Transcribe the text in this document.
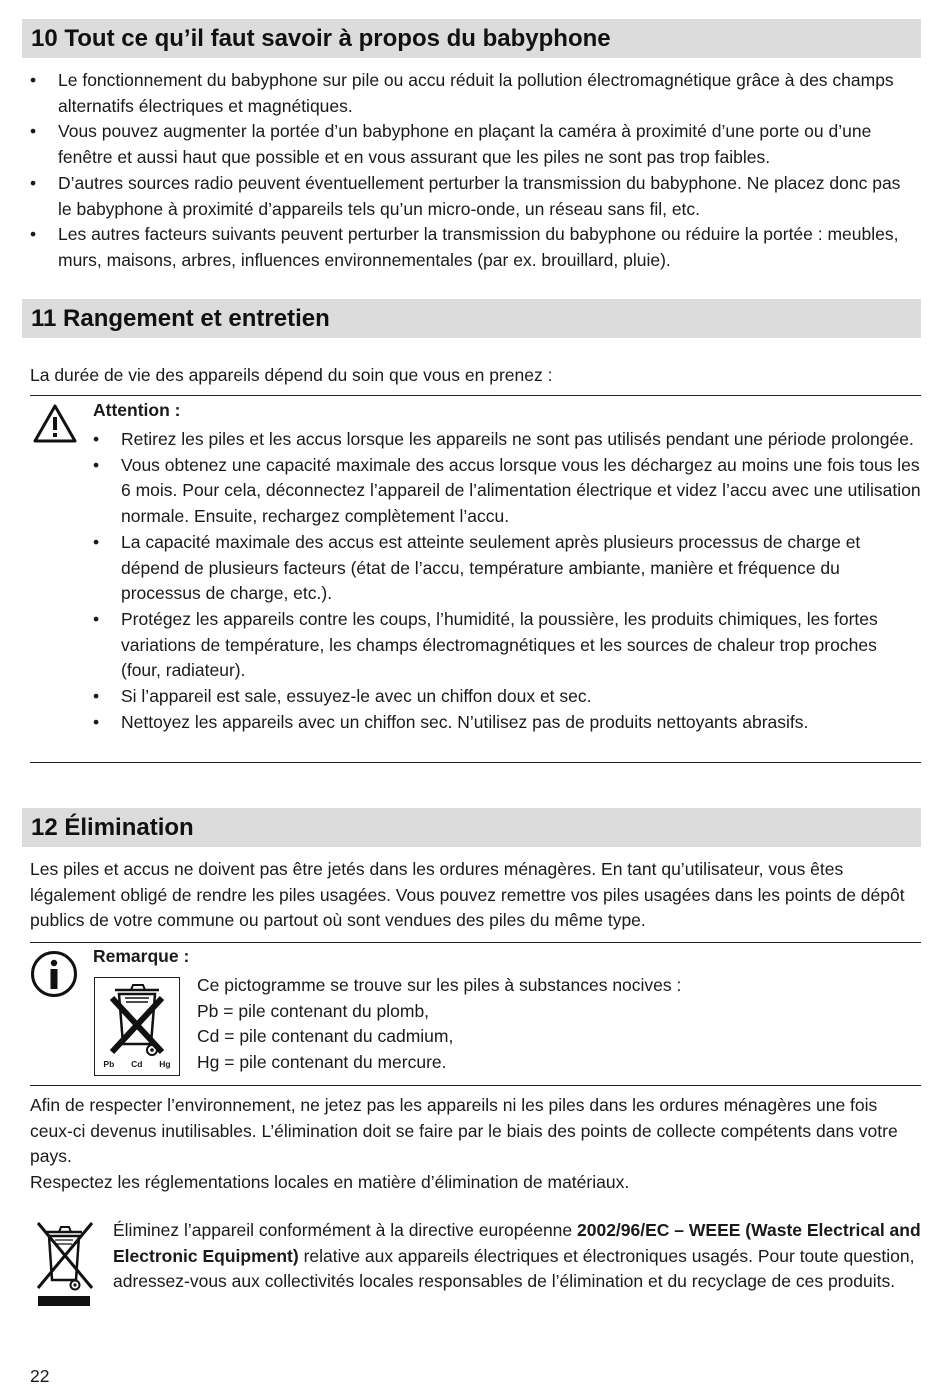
10 Tout ce qu’il faut savoir à propos du babyphone
• Le fonctionnement du babyphone sur pile ou accu réduit la pollution électromagnétique grâce à des champs alternatifs électriques et magnétiques.
• Vous pouvez augmenter la portée d’un babyphone en plaçant la caméra à proximité d’une porte ou d’une fenêtre et aussi haut que possible et en vous assurant que les piles ne sont pas trop faibles.
• D’autres sources radio peuvent éventuellement perturber la transmission du babyphone. Ne placez donc pas le babyphone à proximité d’appareils tels qu’un micro-onde, un réseau sans fil, etc.
• Les autres facteurs suivants peuvent perturber la transmission du babyphone ou réduire la portée : meubles, murs, maisons, arbres, influences environnementales (par ex. brouillard, pluie).
11 Rangement et entretien
La durée de vie des appareils dépend du soin que vous en prenez :
Attention :
• Retirez les piles et les accus lorsque les appareils ne sont pas utilisés pendant une période prolongée.
• Vous obtenez une capacité maximale des accus lorsque vous les déchargez au moins une fois tous les 6 mois. Pour cela, déconnectez l’appareil de l’alimentation électrique et videz l’accu avec une utilisation normale. Ensuite, rechargez complètement l’accu.
• La capacité maximale des accus est atteinte seulement après plusieurs processus de charge et dépend de plusieurs facteurs (état de l’accu, température ambiante, manière et fréquence du processus de charge, etc.).
• Protégez les appareils contre les coups, l’humidité, la poussière, les produits chimiques, les fortes variations de température, les champs électromagnétiques et les sources de chaleur trop proches (four, radiateur).
• Si l’appareil est sale, essuyez-le avec un chiffon doux et sec.
• Nettoyez les appareils avec un chiffon sec. N’utilisez pas de produits nettoyants abrasifs.
12 Élimination
Les piles et accus ne doivent pas être jetés dans les ordures ménagères. En tant qu’utilisateur, vous êtes légalement obligé de rendre les piles usagées. Vous pouvez remettre vos piles usagées dans les points de dépôt publics de votre commune ou partout où sont vendues des piles du même type.
Remarque :
Pb Cd Hg
Ce pictogramme se trouve sur les piles à substances nocives :
Pb = pile contenant du plomb,
Cd = pile contenant du cadmium,
Hg = pile contenant du mercure.
Afin de respecter l’environnement, ne jetez pas les appareils ni les piles dans les ordures ménagères une fois ceux-ci devenus inutilisables. L’élimination doit se faire par le biais des points de collecte compétents dans votre pays.
Respectez les réglementations locales en matière d’élimination de matériaux.
Éliminez l’appareil conformément à la directive européenne 2002/96/EC – WEEE (Waste Electrical and Electronic Equipment) relative aux appareils électriques et électroniques usagés. Pour toute question, adressez-vous aux collectivités locales responsables de l’élimination et du recyclage de ces produits.
22
